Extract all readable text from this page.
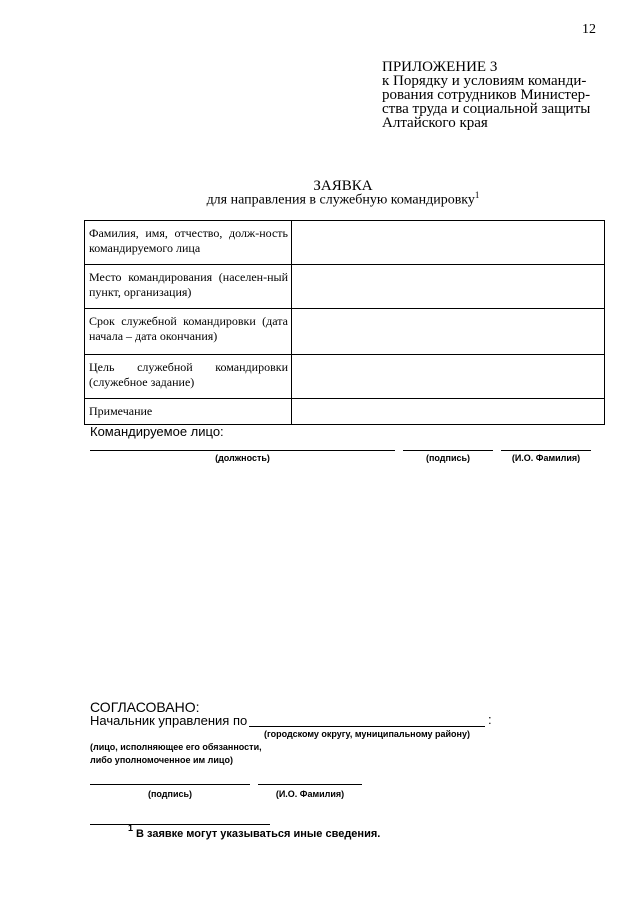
12
ПРИЛОЖЕНИЕ 3
к Порядку и условиям команди-
рования сотрудников Министер-
ства труда и социальной защиты
Алтайского края
ЗАЯВКА
для направления в служебную командировку$^1$
Фамилия, имя, отчество, долж-ность командируемого лица	
Место командирования (населен-ный пункт, организация)	
Срок служебной командировки (дата начала – дата окончания)	
Цель служебной командировки (служебное задание)	
Примечание	
Командируемое лицо:
(должность)	(подпись)	(И.О. Фамилия)
СОГЛАСОВАНО:
Начальник управления по	:
(городскому округу, муниципальному району)
(лицо, исполняющее его обязанности,
либо уполномоченное им лицо)
(подпись)	(И.О. Фамилия)
1 В заявке могут указываться иные сведения.
